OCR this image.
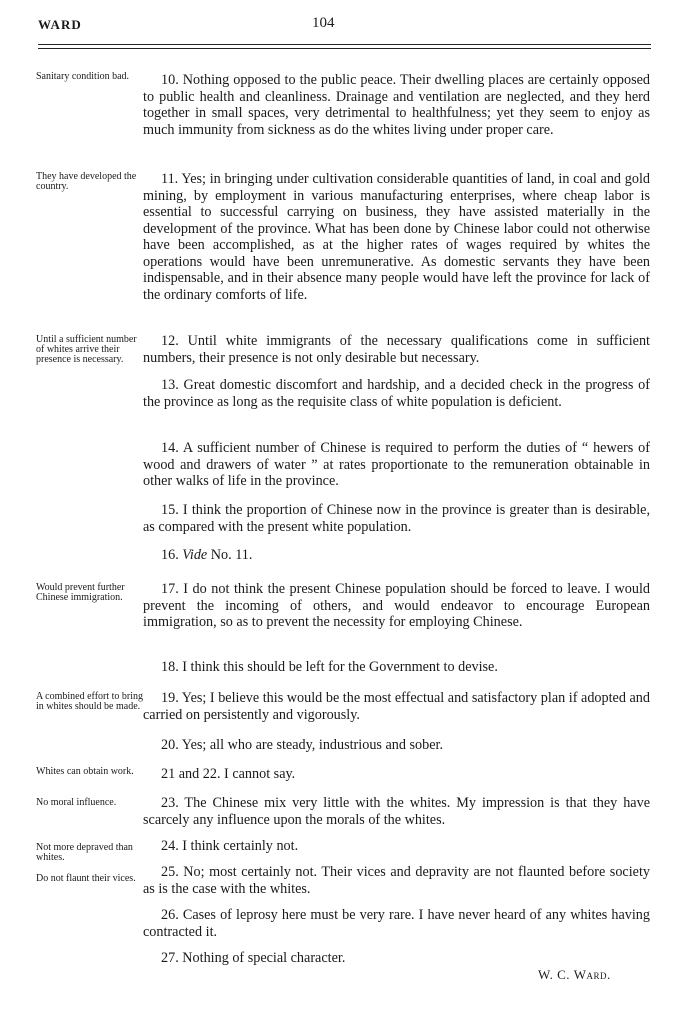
WARD	104
Sanitary condition bad.
They have developed the country.
Until a sufficient number of whites arrive their presence is necessary.
Would prevent further Chinese immigration.
A combined effort to bring in whites should be made.
Whites can obtain work.
No moral influence.
Not more depraved than whites.
Do not flaunt their vices.
10. Nothing opposed to the public peace. Their dwelling places are certainly opposed to public health and cleanliness. Drainage and ventilation are neglected, and they herd together in small spaces, very detrimental to healthfulness; yet they seem to enjoy as much immunity from sickness as do the whites living under proper care.
11. Yes; in bringing under cultivation considerable quantities of land, in coal and gold mining, by employment in various manufacturing enterprises, where cheap labor is essential to successful carrying on business, they have assisted materially in the development of the province. What has been done by Chinese labor could not otherwise have been accomplished, as at the higher rates of wages required by whites the operations would have been unremunerative. As domestic servants they have been indispensable, and in their absence many people would have left the province for lack of the ordinary comforts of life.
12. Until white immigrants of the necessary qualifications come in sufficient numbers, their presence is not only desirable but necessary.
13. Great domestic discomfort and hardship, and a decided check in the progress of the province as long as the requisite class of white population is deficient.
14. A sufficient number of Chinese is required to perform the duties of “ hewers of wood and drawers of water ” at rates proportionate to the remuneration obtainable in other walks of life in the province.
15. I think the proportion of Chinese now in the province is greater than is desirable, as compared with the present white population.
16. Vide No. 11.
17. I do not think the present Chinese population should be forced to leave. I would prevent the incoming of others, and would endeavor to encourage European immigration, so as to prevent the necessity for employing Chinese.
18. I think this should be left for the Government to devise.
19. Yes; I believe this would be the most effectual and satisfactory plan if adopted and carried on persistently and vigorously.
20. Yes; all who are steady, industrious and sober.
21 and 22. I cannot say.
23. The Chinese mix very little with the whites. My impression is that they have scarcely any influence upon the morals of the whites.
24. I think certainly not.
25. No; most certainly not. Their vices and depravity are not flaunted before society as is the case with the whites.
26. Cases of leprosy here must be very rare. I have never heard of any whites having contracted it.
27. Nothing of special character.
W. C. Ward.
